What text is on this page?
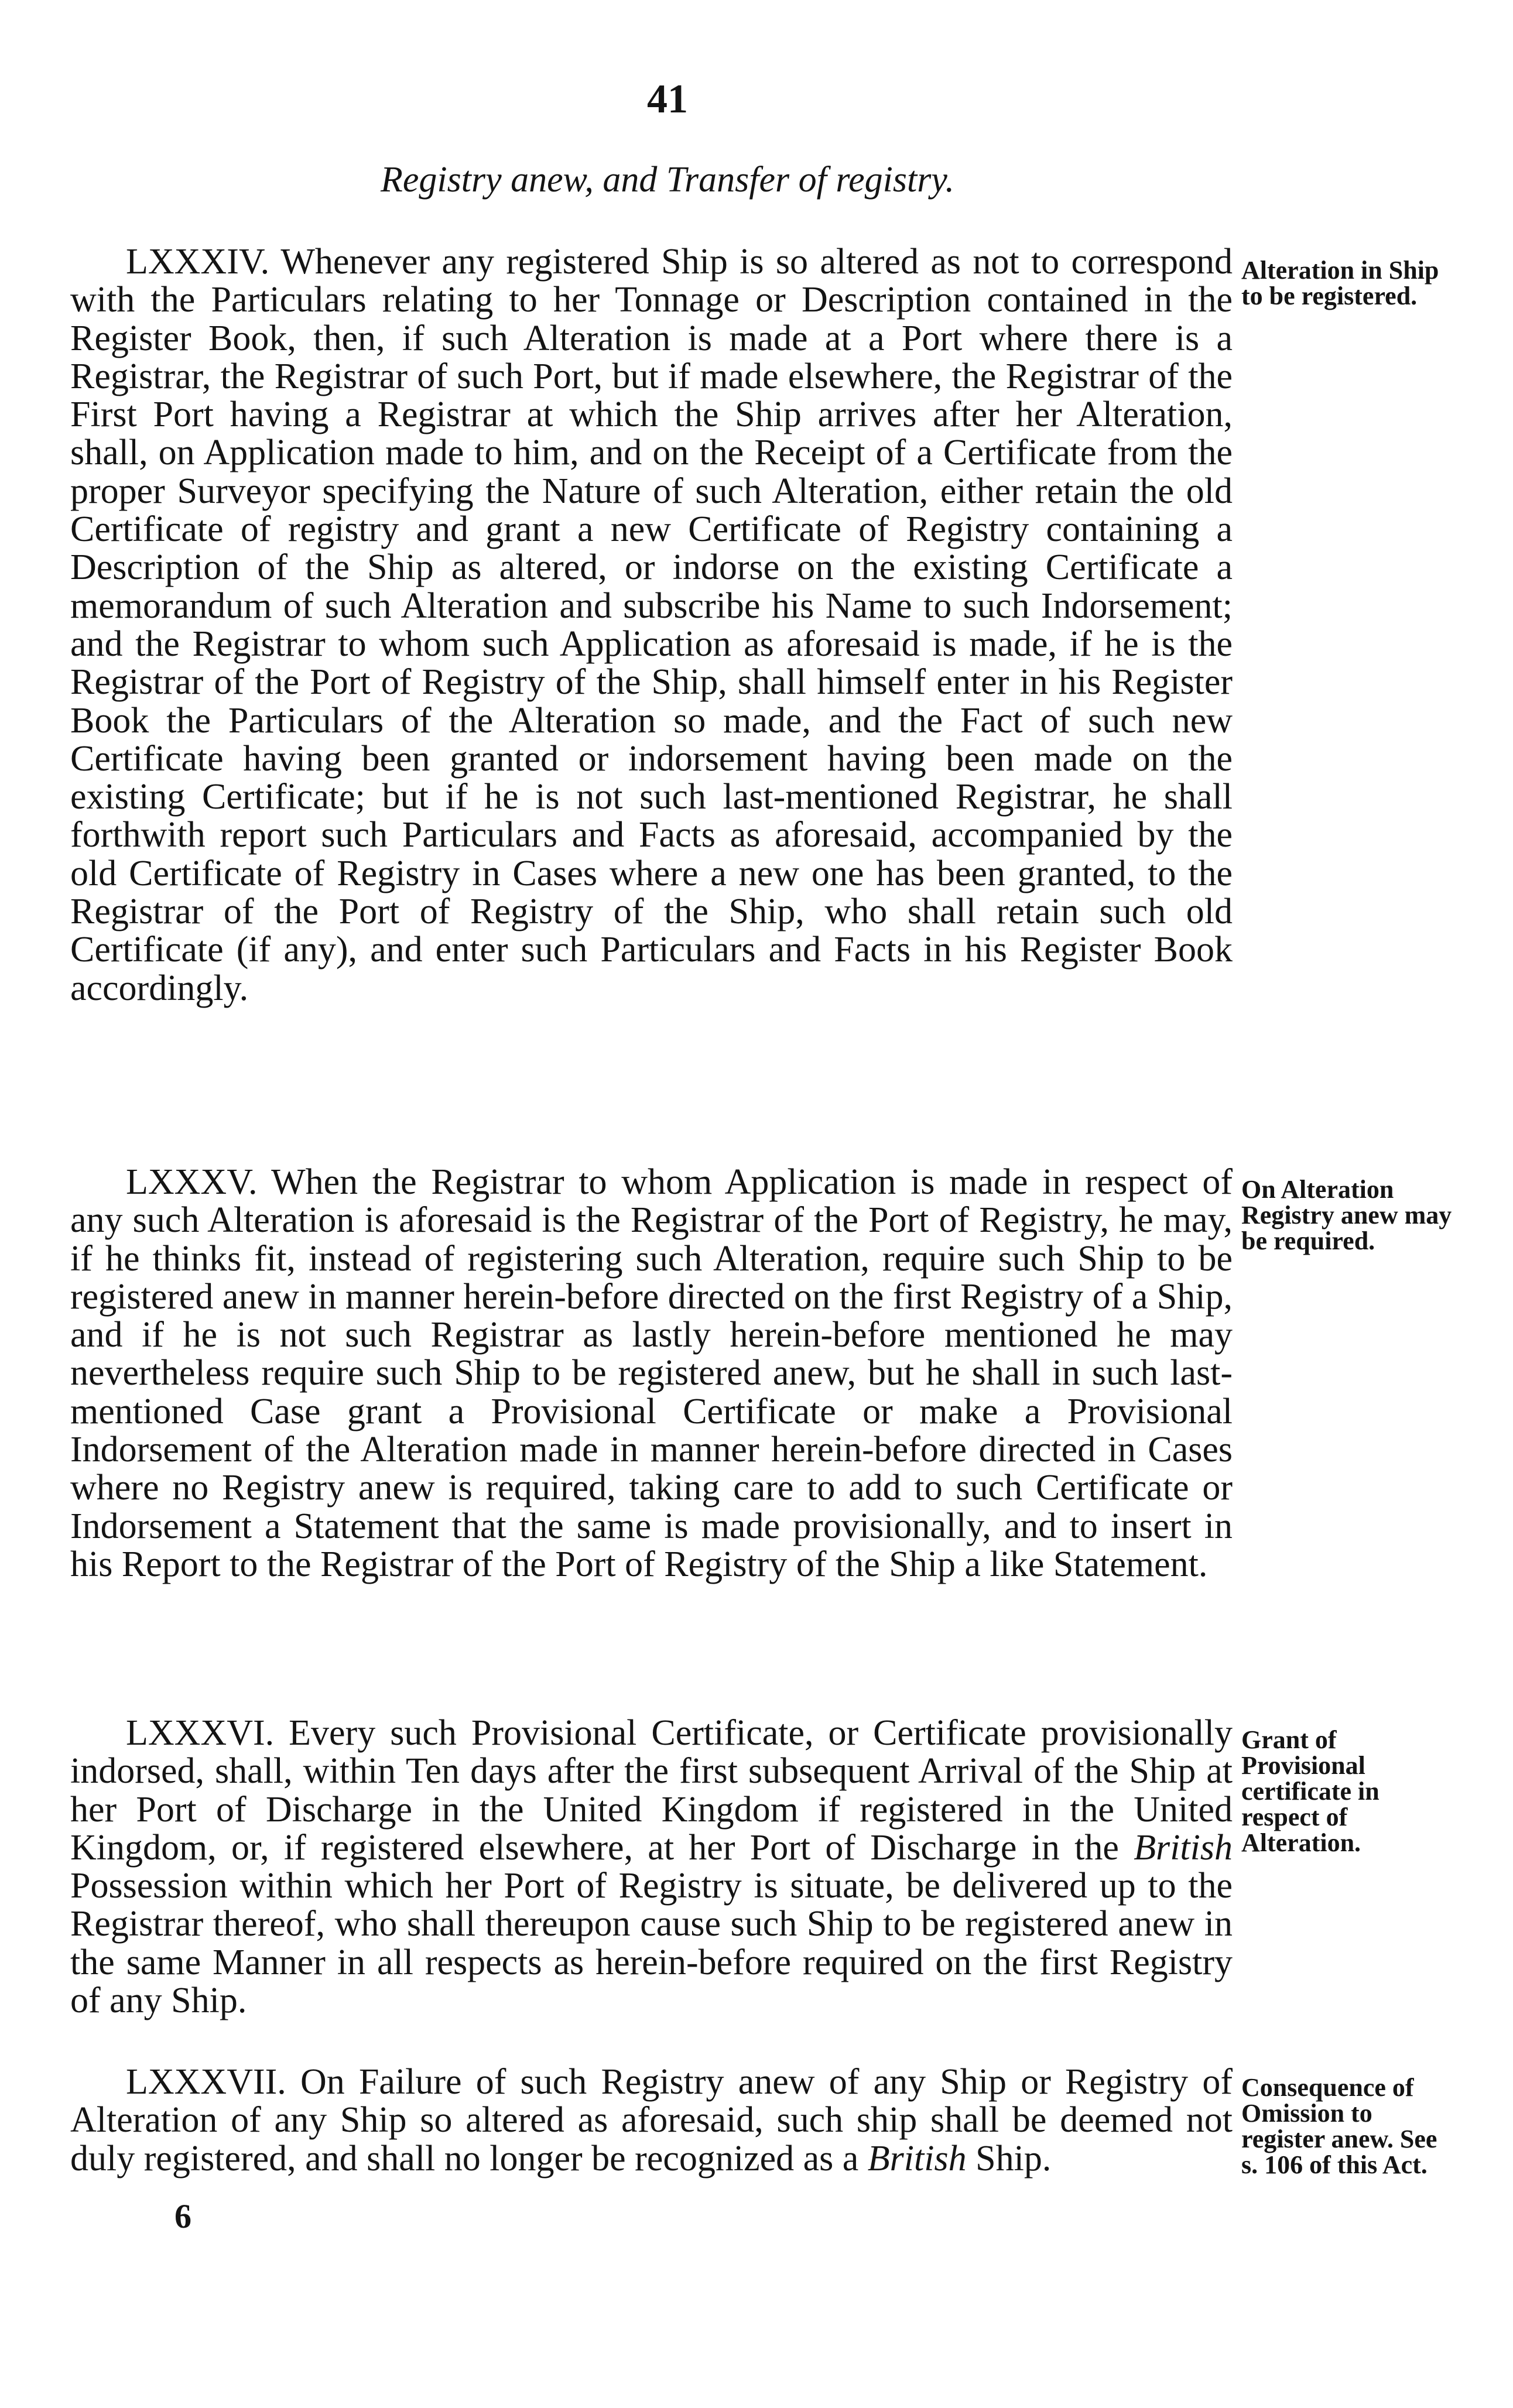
41
Registry anew, and Transfer of registry.
LXXXIV. Whenever any registered Ship is so altered as not to correspond with the Particulars relating to her Tonnage or Description contained in the Register Book, then, if such Alteration is made at a Port where there is a Registrar, the Registrar of such Port, but if made elsewhere, the Registrar of the First Port having a Registrar at which the Ship arrives after her Alteration, shall, on Application made to him, and on the Receipt of a Certificate from the proper Surveyor specifying the Nature of such Alteration, either retain the old Certificate of registry and grant a new Certificate of Registry containing a Description of the Ship as altered, or indorse on the existing Certificate a memorandum of such Alteration and subscribe his Name to such Indorsement; and the Registrar to whom such Application as aforesaid is made, if he is the Registrar of the Port of Registry of the Ship, shall himself enter in his Register Book the Particulars of the Alteration so made, and the Fact of such new Certificate having been granted or indorsement having been made on the existing Certificate; but if he is not such last-mentioned Registrar, he shall forthwith report such Particulars and Facts as aforesaid, accompanied by the old Certificate of Registry in Cases where a new one has been granted, to the Registrar of the Port of Registry of the Ship, who shall retain such old Certificate (if any), and enter such Particulars and Facts in his Register Book accordingly.
Alteration in Ship to be registered.
LXXXV. When the Registrar to whom Application is made in respect of any such Alteration is aforesaid is the Registrar of the Port of Registry, he may, if he thinks fit, instead of registering such Alteration, require such Ship to be registered anew in manner herein-before directed on the first Registry of a Ship, and if he is not such Registrar as lastly herein-before mentioned he may nevertheless require such Ship to be registered anew, but he shall in such last-mentioned Case grant a Provisional Certificate or make a Provisional Indorsement of the Alteration made in manner herein-before directed in Cases where no Registry anew is required, taking care to add to such Certificate or Indorsement a Statement that the same is made provisionally, and to insert in his Report to the Registrar of the Port of Registry of the Ship a like Statement.
On Alteration Registry anew may be required.
LXXXVI. Every such Provisional Certificate, or Certificate provisionally indorsed, shall, within Ten days after the first subsequent Arrival of the Ship at her Port of Discharge in the United Kingdom if registered in the United Kingdom, or, if registered elsewhere, at her Port of Discharge in the British Possession within which her Port of Registry is situate, be delivered up to the Registrar thereof, who shall thereupon cause such Ship to be registered anew in the same Manner in all respects as herein-before required on the first Registry of any Ship.
Grant of Provisional certificate in respect of Alteration.
LXXXVII. On Failure of such Registry anew of any Ship or Registry of Alteration of any Ship so altered as aforesaid, such ship shall be deemed not duly registered, and shall no longer be recognized as a British Ship.
Consequence of Omission to register anew. See s. 106 of this Act.
6
